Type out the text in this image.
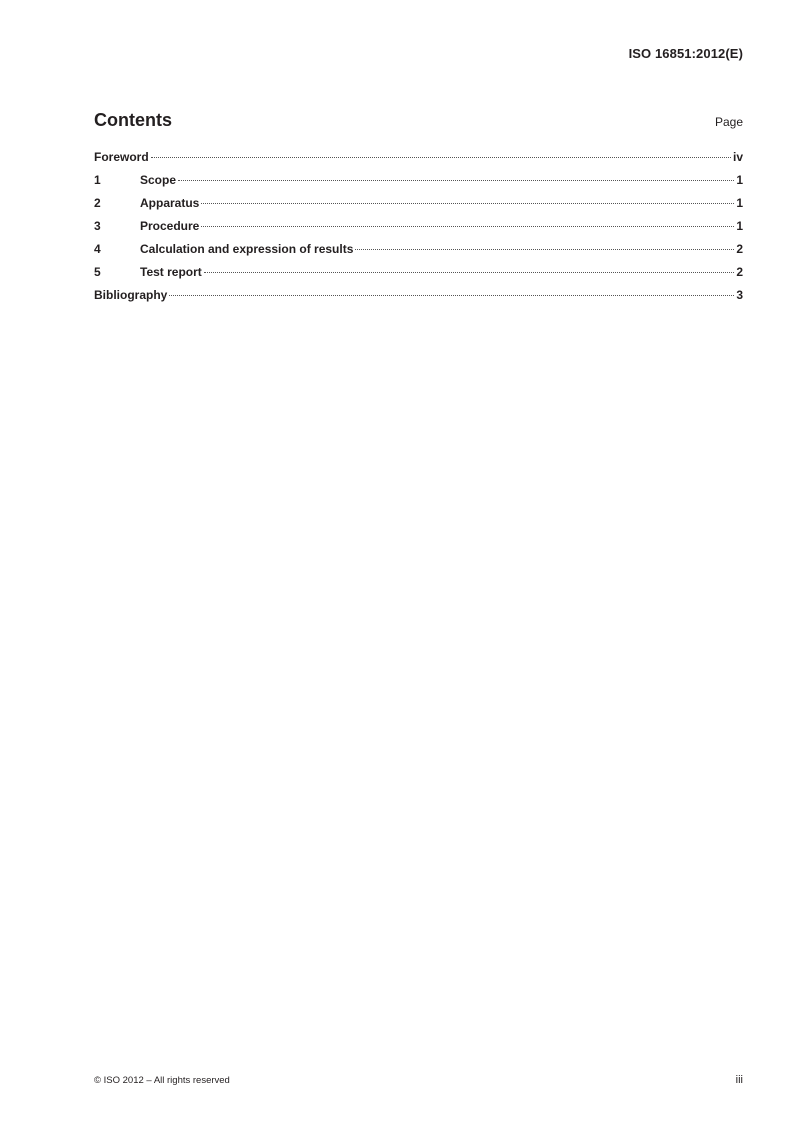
ISO 16851:2012(E)
Contents	Page
Foreword	iv
1	Scope	1
2	Apparatus	1
3	Procedure	1
4	Calculation and expression of results	2
5	Test report	2
Bibliography	3
© ISO 2012 – All rights reserved	iii
